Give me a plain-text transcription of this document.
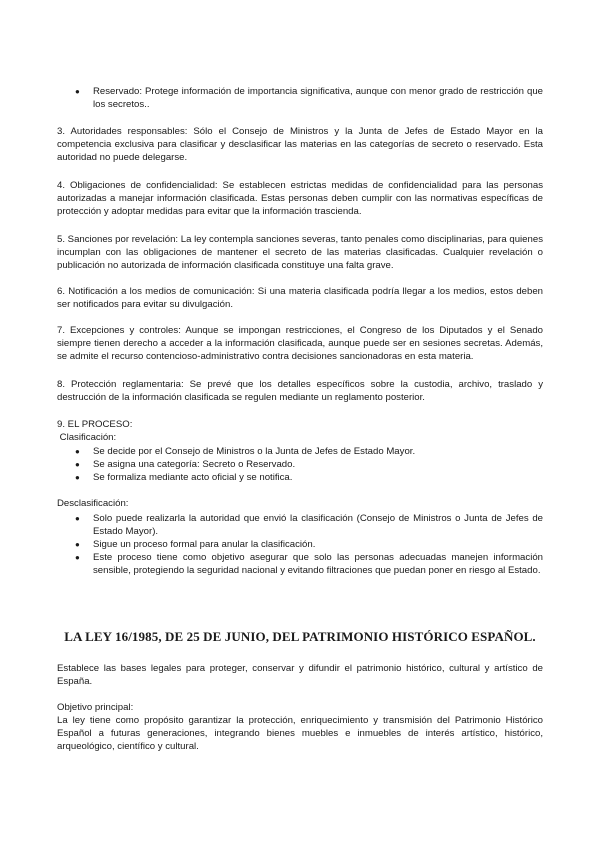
● Reservado: Protege información de importancia significativa, aunque con menor grado de restricción que los secretos..

3. Autoridades responsables: Sólo el Consejo de Ministros y la Junta de Jefes de Estado Mayor en la competencia exclusiva para clasificar y desclasificar las materias en las categorías de secreto o reservado. Esta autoridad no puede delegarse.

4. Obligaciones de confidencialidad: Se establecen estrictas medidas de confidencialidad para las personas autorizadas a manejar información clasificada. Estas personas deben cumplir con las normativas específicas de protección y adoptar medidas para evitar que la información trascienda.

5. Sanciones por revelación: La ley contempla sanciones severas, tanto penales como disciplinarias, para quienes incumplan con las obligaciones de mantener el secreto de las materias clasificadas. Cualquier revelación o publicación no autorizada de información clasificada constituye una falta grave.

6. Notificación a los medios de comunicación: Si una materia clasificada podría llegar a los medios, estos deben ser notificados para evitar su divulgación.

7. Excepciones y controles: Aunque se impongan restricciones, el Congreso de los Diputados y el Senado siempre tienen derecho a acceder a la información clasificada, aunque puede ser en sesiones secretas. Además, se admite el recurso contencioso-administrativo contra decisiones sancionadoras en esta materia.

8. Protección reglamentaria: Se prevé que los detalles específicos sobre la custodia, archivo, traslado y destrucción de la información clasificada se regulen mediante un reglamento posterior.

9. EL PROCESO:

Clasificación:

● Se decide por el Consejo de Ministros o la Junta de Jefes de Estado Mayor.

● Se asigna una categoría: Secreto o Reservado.

● Se formaliza mediante acto oficial y se notifica.

Desclasificación:

● Solo puede realizarla la autoridad que envió la clasificación (Consejo de Ministros o Junta de Jefes de Estado Mayor).

● Sigue un proceso formal para anular la clasificación.

● Este proceso tiene como objetivo asegurar que solo las personas adecuadas manejen información sensible, protegiendo la seguridad nacional y evitando filtraciones que puedan poner en riesgo al Estado.

LA LEY 16/1985, DE 25 DE JUNIO, DEL PATRIMONIO HISTÓRICO ESPAÑOL.

Establece las bases legales para proteger, conservar y difundir el patrimonio histórico, cultural y artístico de España.

Objetivo principal:

La ley tiene como propósito garantizar la protección, enriquecimiento y transmisión del Patrimonio Histórico Español a futuras generaciones, integrando bienes muebles e inmuebles de interés artístico, histórico, arqueológico, científico y cultural.
